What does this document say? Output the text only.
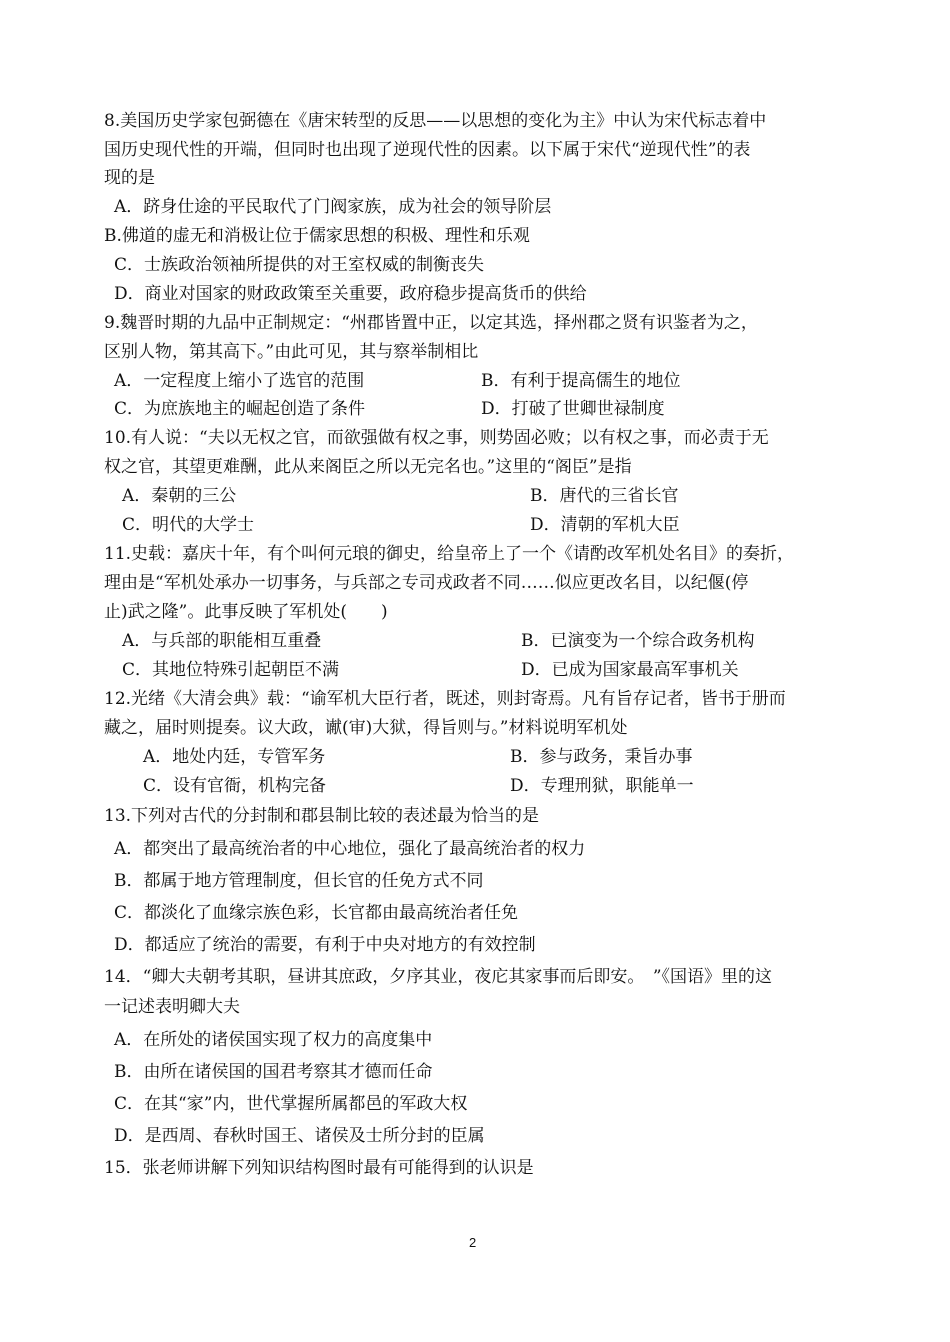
8.美国历史学家包弼德在《唐宋转型的反思——以思想的变化为主》中认为宋代标志着中
国历史现代性的开端，但同时也出现了逆现代性的因素。以下属于宋代“逆现代性”的表
现的是
A．跻身仕途的平民取代了门阀家族，成为社会的领导阶层
B.佛道的虚无和消极让位于儒家思想的积极、理性和乐观
C．士族政治领袖所提供的对王室权威的制衡丧失
D．商业对国家的财政政策至关重要，政府稳步提高货币的供给
9.魏晋时期的九品中正制规定：“州郡皆置中正，以定其选，择州郡之贤有识鉴者为之，
区别人物，第其高下。”由此可见，其与察举制相比
A．一定程度上缩小了选官的范围	B．有利于提高儒生的地位
C．为庶族地主的崛起创造了条件	D．打破了世卿世禄制度
10.有人说：“夫以无权之官，而欲强做有权之事，则势固必败；以有权之事，而必责于无
权之官，其望更难酬，此从来阁臣之所以无完名也。”这里的“阁臣”是指
A．秦朝的三公	B．唐代的三省长官
C．明代的大学士	D．清朝的军机大臣
11.史载：嘉庆十年，有个叫何元琅的御史，给皇帝上了一个《请酌改军机处名目》的奏折，
理由是“军机处承办一切事务，与兵部之专司戎政者不同……似应更改名目，以纪偃(停
止)武之隆”。此事反映了军机处(　　)
A．与兵部的职能相互重叠	B．已演变为一个综合政务机构
C．其地位特殊引起朝臣不满	D．已成为国家最高军事机关
12.光绪《大清会典》载：“谕军机大臣行者，既述，则封寄焉。凡有旨存记者，皆书于册而
藏之，届时则提奏。议大政，谳(审)大狱，得旨则与。”材料说明军机处
A．地处内廷，专管军务	B．参与政务，秉旨办事
C．设有官衙，机构完备	D．专理刑狱，职能单一
13.下列对古代的分封制和郡县制比较的表述最为恰当的是
A．都突出了最高统治者的中心地位，强化了最高统治者的权力
B．都属于地方管理制度，但长官的任免方式不同
C．都淡化了血缘宗族色彩，长官都由最高统治者任免
D．都适应了统治的需要，有利于中央对地方的有效控制
14．“卿大夫朝考其职，昼讲其庶政，夕序其业，夜庀其家事而后即安。　”《国语》里的这
一记述表明卿大夫
A．在所处的诸侯国实现了权力的高度集中
B．由所在诸侯国的国君考察其才德而任命
C．在其“家”内，世代掌握所属都邑的军政大权
D．是西周、春秋时国王、诸侯及士所分封的臣属
15．张老师讲解下列知识结构图时最有可能得到的认识是
2
